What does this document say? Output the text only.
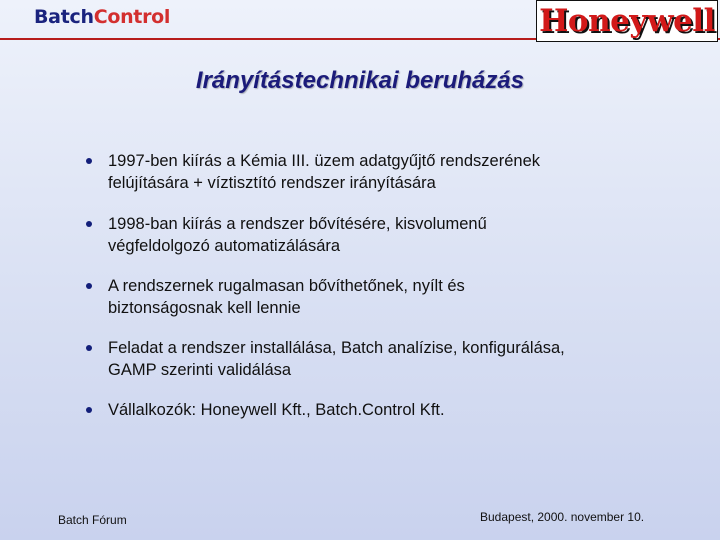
BatchControl	Honeywell
Irányítástechnikai beruházás
1997-ben kiírás a Kémia III. üzem adatgyűjtő rendszerének
felújítására + víztisztító rendszer irányítására
1998-ban kiírás a rendszer bővítésére, kisvolumenű
végfeldolgozó automatizálására
A rendszernek rugalmasan bővíthetőnek, nyílt és
biztonságosnak kell lennie
Feladat a rendszer installálása, Batch analízise, konfigurálása,
GAMP szerinti validálása
Vállalkozók: Honeywell Kft., Batch.Control Kft.
Batch Fórum	Budapest, 2000. november 10.
